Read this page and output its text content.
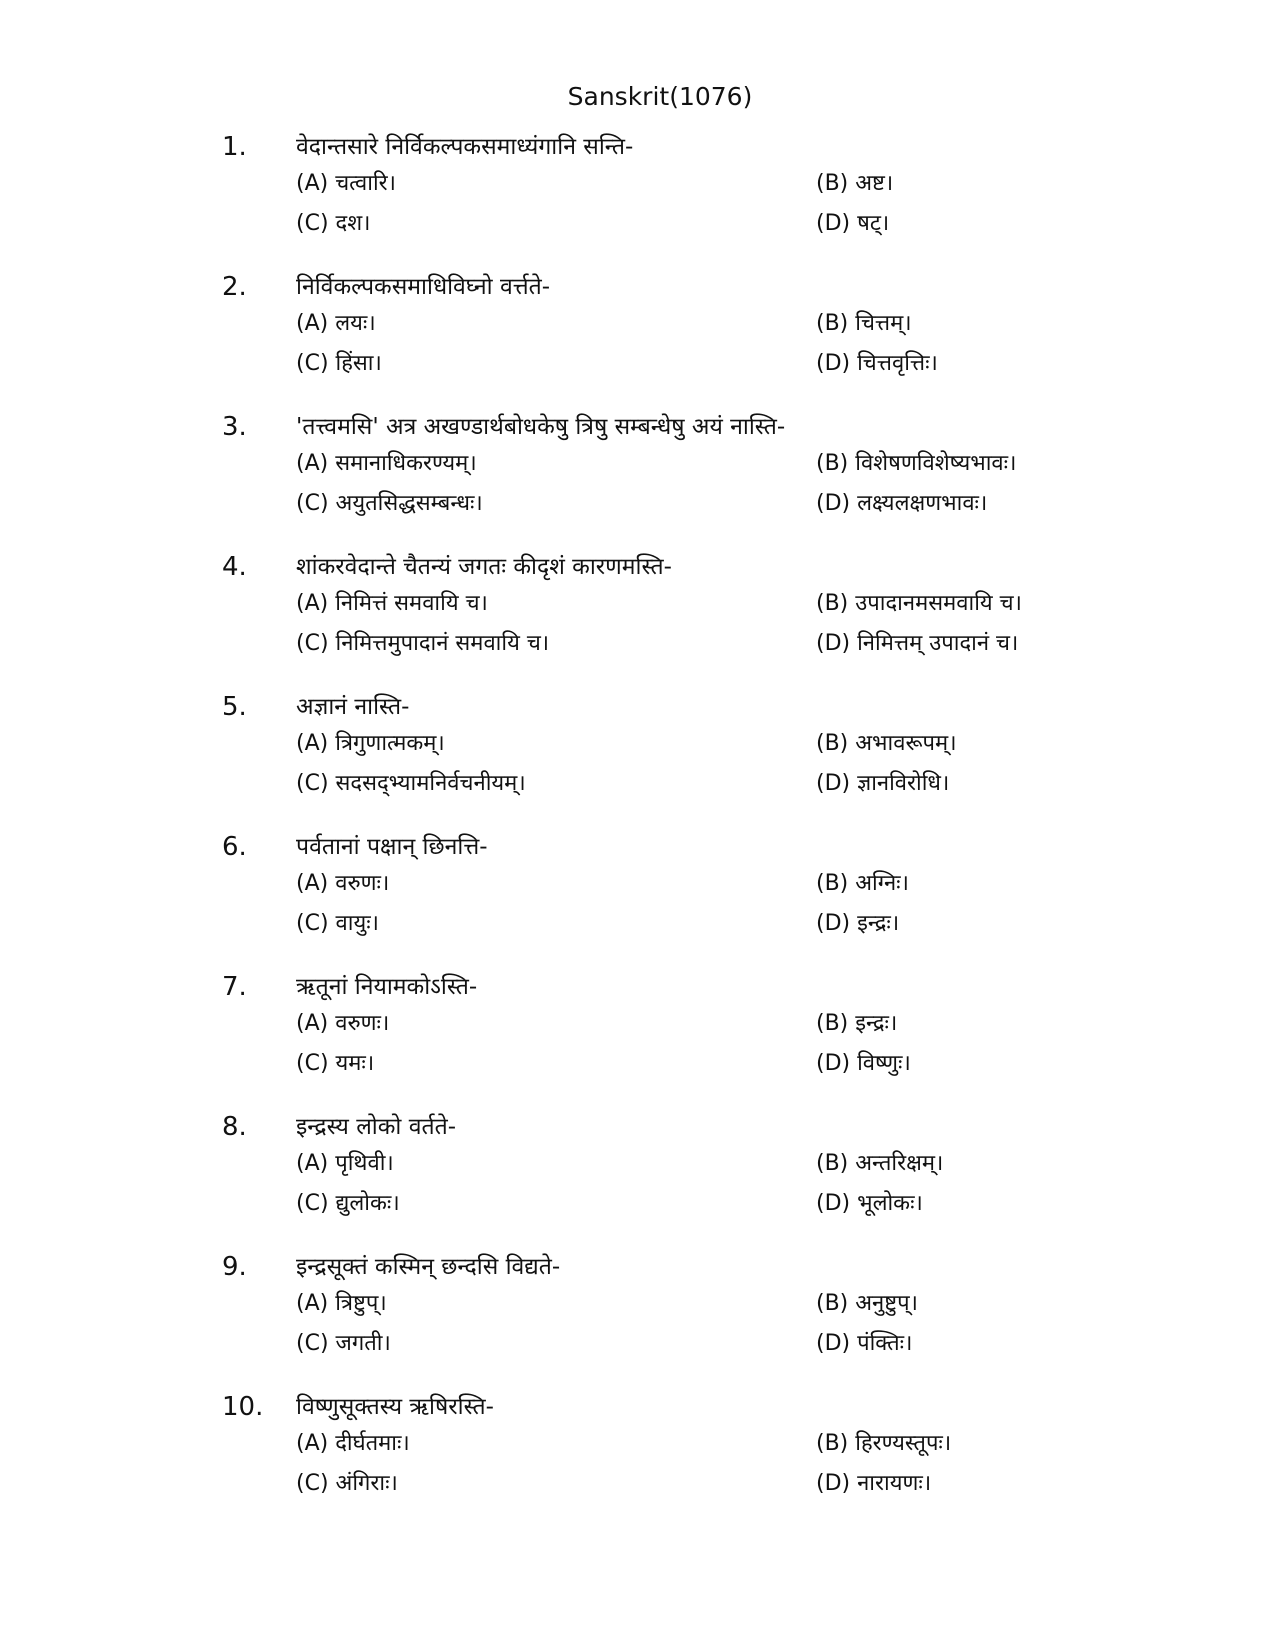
Sanskrit(1076)
1. वेदान्तसारे निर्विकल्पकसमाध्यंगानि सन्ति-
(A) चत्वारि।	(B) अष्ट।
(C) दश।	(D) षट्।
2. निर्विकल्पकसमाधिविघ्नो वर्त्तते-
(A) लयः।	(B) चित्तम्।
(C) हिंसा।	(D) चित्तवृत्तिः।
3. 'तत्त्वमसि' अत्र अखण्डार्थबोधकेषु त्रिषु सम्बन्धेषु अयं नास्ति-
(A) समानाधिकरण्यम्।	(B) विशेषणविशेष्यभावः।
(C) अयुतसिद्धसम्बन्धः।	(D) लक्ष्यलक्षणभावः।
4. शांकरवेदान्ते चैतन्यं जगतः कीदृशं कारणमस्ति-
(A) निमित्तं समवायि च।	(B) उपादानमसमवायि च।
(C) निमित्तमुपादानं समवायि च।	(D) निमित्तम् उपादानं च।
5. अज्ञानं नास्ति-
(A) त्रिगुणात्मकम्।	(B) अभावरूपम्।
(C) सदसद्भ्यामनिर्वचनीयम्।	(D) ज्ञानविरोधि।
6. पर्वतानां पक्षान् छिनत्ति-
(A) वरुणः।	(B) अग्निः।
(C) वायुः।	(D) इन्द्रः।
7. ऋतूनां नियामकोऽस्ति-
(A) वरुणः।	(B) इन्द्रः।
(C) यमः।	(D) विष्णुः।
8. इन्द्रस्य लोको वर्तते-
(A) पृथिवी।	(B) अन्तरिक्षम्।
(C) द्युलोकः।	(D) भूलोकः।
9. इन्द्रसूक्तं कस्मिन् छन्दसि विद्यते-
(A) त्रिष्टुप्।	(B) अनुष्टुप्।
(C) जगती।	(D) पंक्तिः।
10. विष्णुसूक्तस्य ऋषिरस्ति-
(A) दीर्घतमाः।	(B) हिरण्यस्तूपः।
(C) अंगिराः।	(D) नारायणः।
